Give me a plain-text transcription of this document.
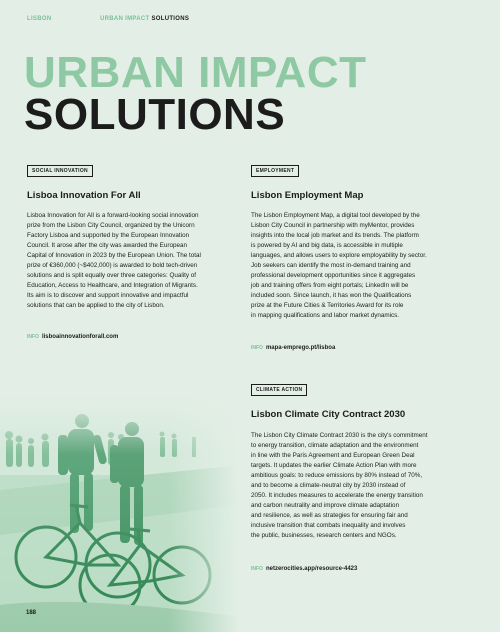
LISBON	URBAN IMPACT SOLUTIONS
URBAN IMPACT
SOLUTIONS
SOCIAL INNOVATION
Lisboa Innovation For All
Lisboa Innovation for All is a forward-looking social innovation
prize from the Lisbon City Council, organized by the Unicorn
Factory Lisboa and supported by the European Innovation
Council. It arose after the city was awarded the European
Capital of Innovation in 2023 by the European Union. The total
prize of €360,000 (~$402,000) is awarded to bold tech-driven
solutions and is split equally over three categories: Quality of
Education, Access to Healthcare, and Integration of Migrants.
Its aim is to discover and support innovative and impactful
solutions that can be applied to the city of Lisbon.
INFO lisboainnovationforall.com
EMPLOYMENT
Lisbon Employment Map
The Lisbon Employment Map, a digital tool developed by the
Lisbon City Council in partnership with myMentor, provides
insights into the local job market and its trends. The platform
is powered by AI and big data, is accessible in multiple
languages, and allows users to explore employability by sector.
Job seekers can identify the most in-demand training and
professional development opportunities since it aggregates
job and training offers from eight portals; LinkedIn will be
included soon. Since launch, it has won the Qualifications
prize at the Future Cities & Territories Award for its role
in mapping qualifications and labor market dynamics.
INFO mapa-emprego.pt/lisboa
CLIMATE ACTION
Lisbon Climate City Contract 2030
The Lisbon City Climate Contract 2030 is the city's commitment
to energy transition, climate adaptation and the environment
in line with the Paris Agreement and European Green Deal
targets. It updates the earlier Climate Action Plan with more
ambitious goals: to reduce emissions by 80% instead of 70%,
and to become a climate-neutral city by 2030 instead of
2050. It includes measures to accelerate the energy transition
and carbon neutrality and improve climate adaptation
and resilience, as well as strategies for ensuring fair and
inclusive transition that combats inequality and involves
the public, businesses, research centers and NGOs.
INFO netzerocities.app/resource-4423
188
